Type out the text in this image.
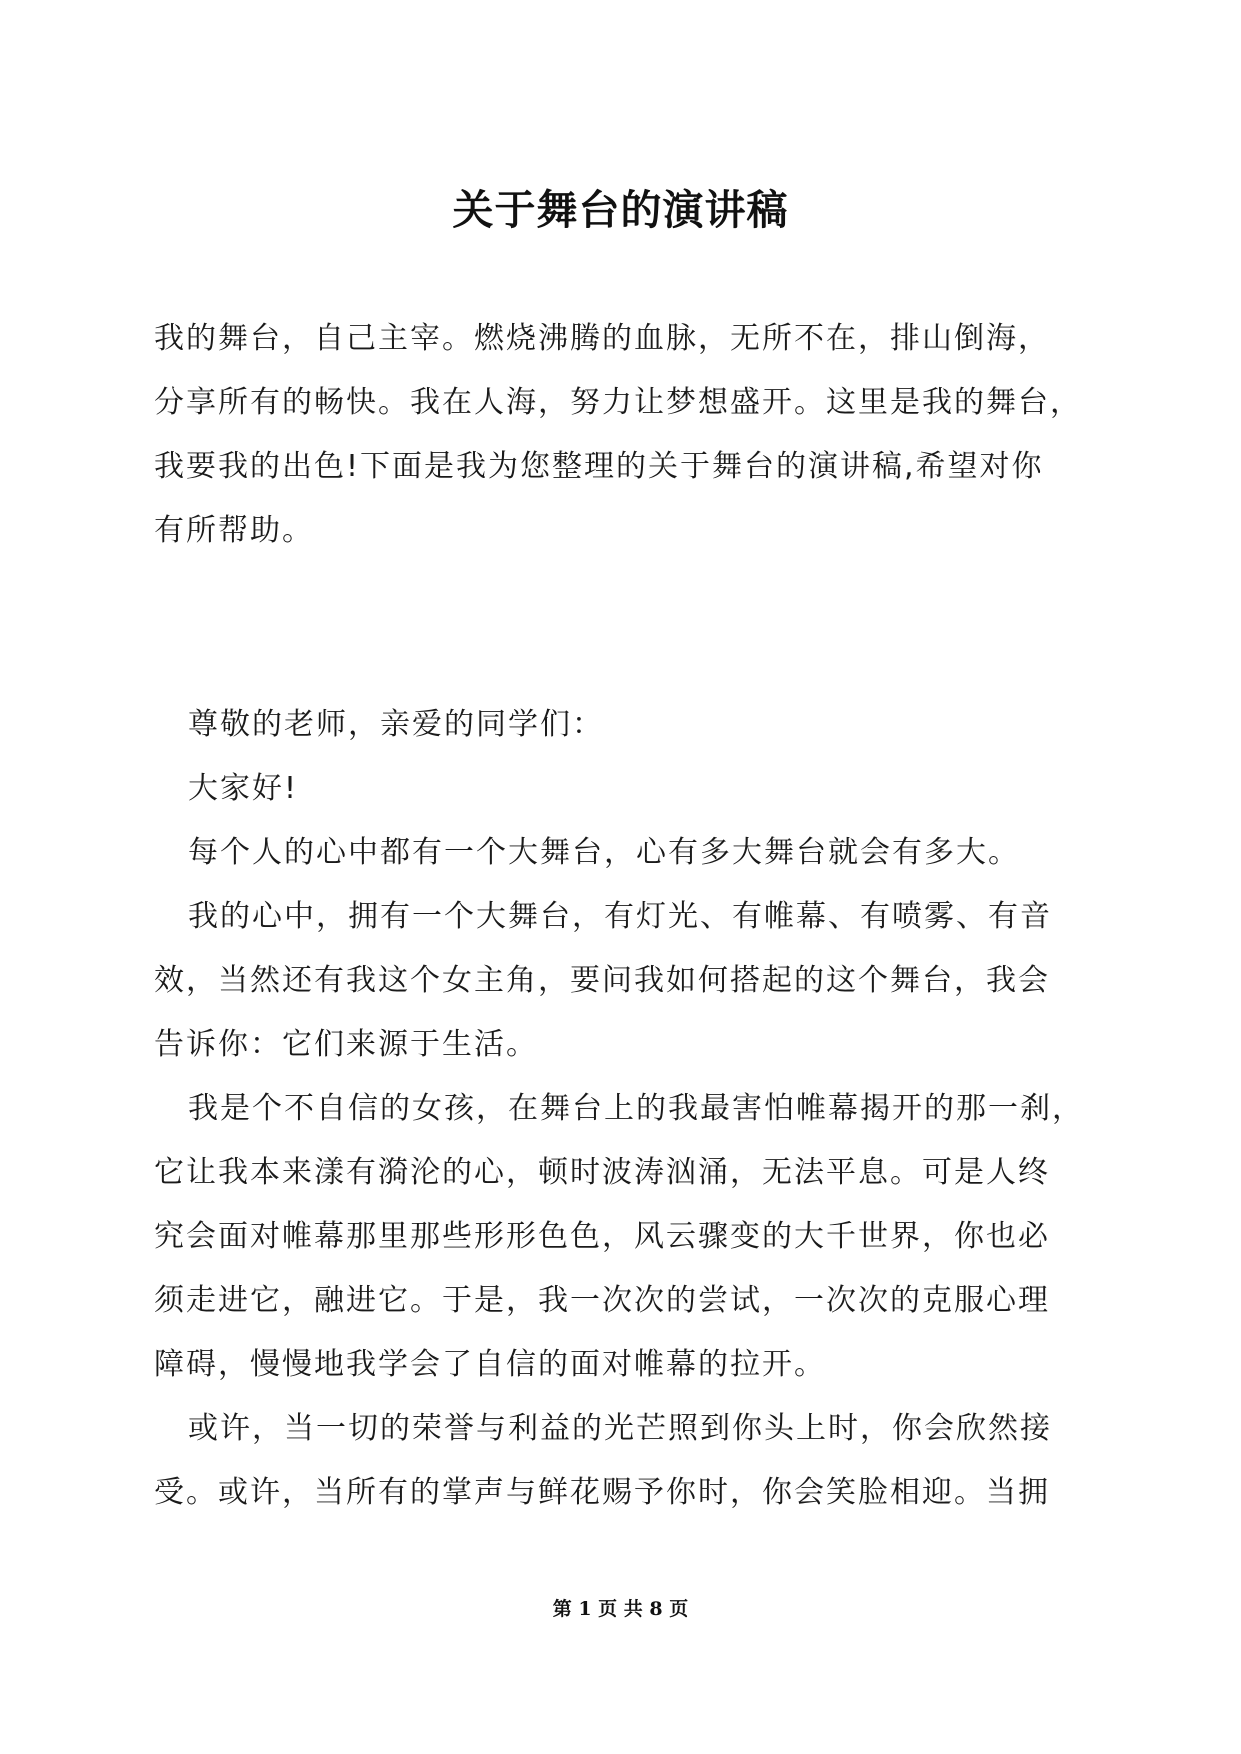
关于舞台的演讲稿
我的舞台，自己主宰。燃烧沸腾的血脉，无所不在，排山倒海，
分享所有的畅快。我在人海，努力让梦想盛开。这里是我的舞台，
我要我的出色!下面是我为您整理的关于舞台的演讲稿,希望对你
有所帮助。
尊敬的老师，亲爱的同学们：
大家好!
每个人的心中都有一个大舞台，心有多大舞台就会有多大。
我的心中，拥有一个大舞台，有灯光、有帷幕、有喷雾、有音
效，当然还有我这个女主角，要问我如何搭起的这个舞台，我会
告诉你：它们来源于生活。
我是个不自信的女孩，在舞台上的我最害怕帷幕揭开的那一刹，
它让我本来漾有漪沦的心，顿时波涛汹涌，无法平息。可是人终
究会面对帷幕那里那些形形色色，风云骤变的大千世界，你也必
须走进它，融进它。于是，我一次次的尝试，一次次的克服心理
障碍，慢慢地我学会了自信的面对帷幕的拉开。
或许，当一切的荣誉与利益的光芒照到你头上时，你会欣然接
受。或许，当所有的掌声与鲜花赐予你时，你会笑脸相迎。当拥
第 1 页 共 8 页
